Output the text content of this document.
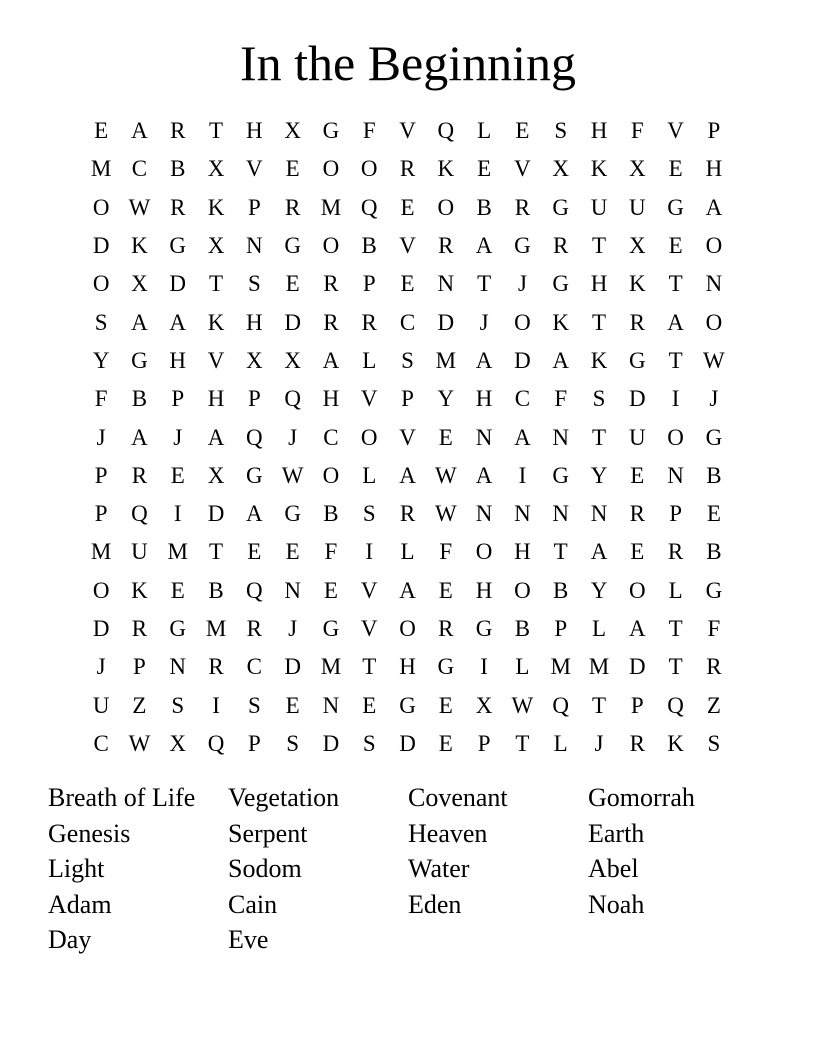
In the Beginning
E A R	T H X G	F	V Q L	E	S	H	F	V	P
M C B X V E O O R K E V X K X E H
O W R K	P	R M Q E O B R G U U G A
D K G X N G O B V R A G R	T X E O
O X D T	S	E	R	P	E N T	J	G H K T N
S	A A K H D R R C D	J	O K T	R A O
Y G H V X X A L	S M A D A K G T W
F	B	P	H	P	Q H V	P	Y H C	F	S	D	I	J
J	A	J	A Q	J	C O V E N A N T U O G
P	R	E X G W O L A W A	I	G Y E N B
P	Q	I	D A G B	S	R W N N N N R	P	E
M U M T	E	E	F	I	L	F	O H T A E	R B
O K E	B Q N E V A E H O B Y O L G
D R G M R	J	G V O R G B	P	L A T	F
J	P	N R C D M T H G	I	L M M D T	R
U Z	S	I	S	E N E G E X W Q T	P	Q Z
C W X Q	P	S	D	S	D E	P	T	L	J	R K	S
Breath of Life	Vegetation	Covenant	Gomorrah
Genesis	Serpent	Heaven	Earth
Light	Sodom	Water	Abel
Adam	Cain	Eden	Noah
Day	Eve
